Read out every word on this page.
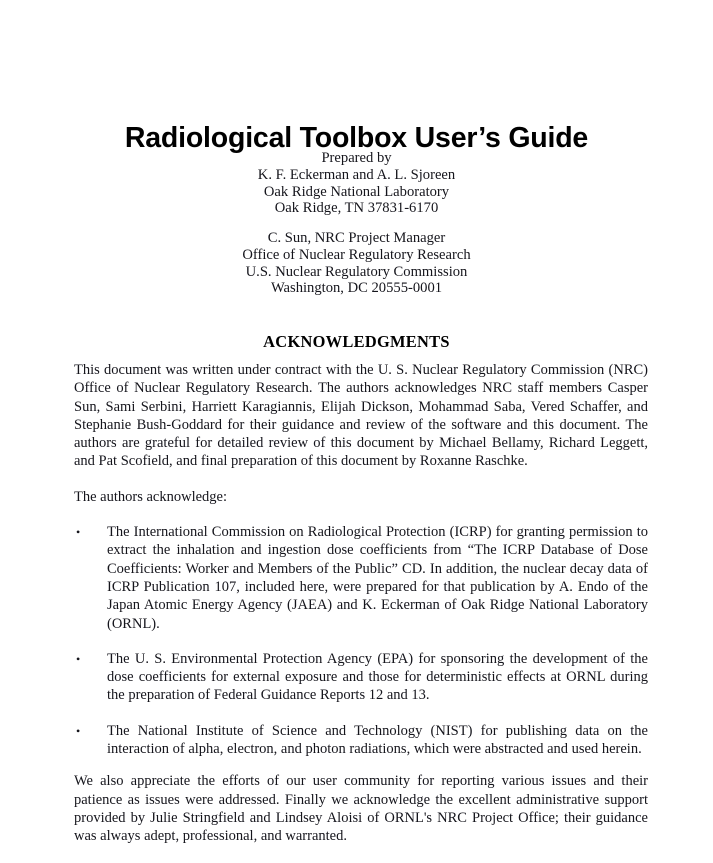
Radiological Toolbox User’s Guide
Prepared by
K. F. Eckerman and A. L. Sjoreen
Oak Ridge National Laboratory
Oak Ridge, TN 37831-6170
C. Sun, NRC Project Manager
Office of Nuclear Regulatory Research
U.S. Nuclear Regulatory Commission
Washington, DC 20555-0001
ACKNOWLEDGMENTS

This document was written under contract with the U. S. Nuclear Regulatory Commission (NRC) Office of Nuclear Regulatory Research. The authors acknowledges NRC staff members Casper Sun, Sami Serbini, Harriett Karagiannis, Elijah Dickson, Mohammad Saba, Vered Schaffer, and Stephanie Bush-Goddard for their guidance and review of the software and this document. The authors are grateful for detailed review of this document by Michael Bellamy, Richard Leggett, and Pat Scofield, and final preparation of this document by Roxanne Raschke.

The authors acknowledge:

• The International Commission on Radiological Protection (ICRP) for granting permission to extract the inhalation and ingestion dose coefficients from “The ICRP Database of Dose Coefficients: Worker and Members of the Public” CD. In addition, the nuclear decay data of ICRP Publication 107, included here, were prepared for that publication by A. Endo of the Japan Atomic Energy Agency (JAEA) and K. Eckerman of Oak Ridge National Laboratory (ORNL).
• The U. S. Environmental Protection Agency (EPA) for sponsoring the development of the dose coefficients for external exposure and those for deterministic effects at ORNL during the preparation of Federal Guidance Reports 12 and 13.
• The National Institute of Science and Technology (NIST) for publishing data on the interaction of alpha, electron, and photon radiations, which were abstracted and used herein.

We also appreciate the efforts of our user community for reporting various issues and their patience as issues were addressed. Finally we acknowledge the excellent administrative support provided by Julie Stringfield and Lindsey Aloisi of ORNL's NRC Project Office; their guidance was always adept, professional, and warranted.
